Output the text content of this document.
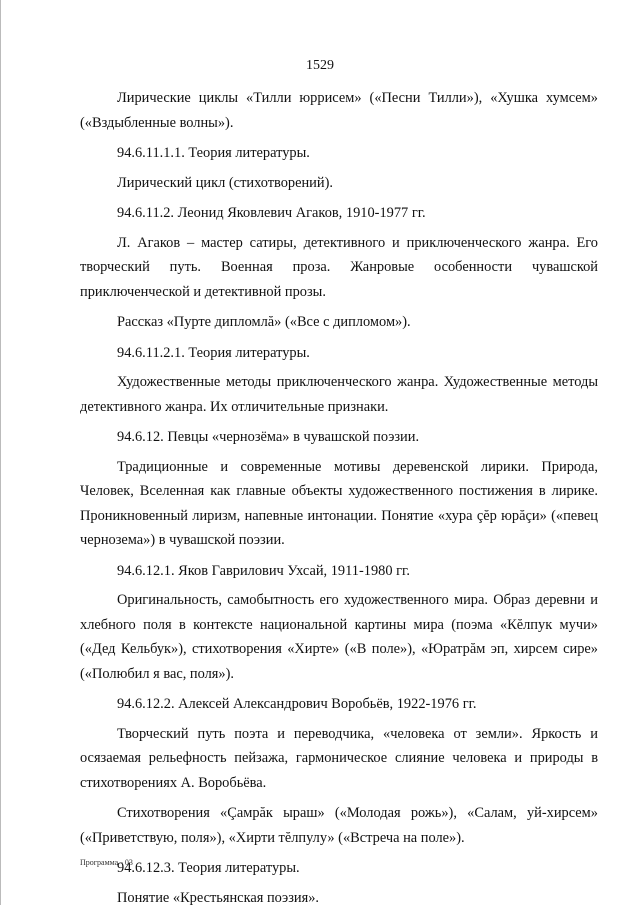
1529

Лирические циклы «Тилли юррисем» («Песни Тилли»), «Хушка хумсем» («Вздыбленные волны»).

94.6.11.1.1. Теория литературы.

Лирический цикл (стихотворений).

94.6.11.2. Леонид Яковлевич Агаков, 1910-1977 гг.

Л. Агаков – мастер сатиры, детективного и приключенческого жанра. Его творческий путь. Военная проза. Жанровые особенности чувашской приключенческой и детективной прозы.

Рассказ «Пурте дипломлă» («Все с дипломом»).

94.6.11.2.1. Теория литературы.

Художественные методы приключенческого жанра. Художественные методы детективного жанра. Их отличительные признаки.

94.6.12. Певцы «чернозёма» в чувашской поэзии.

Традиционные и современные мотивы деревенской лирики. Природа, Человек, Вселенная как главные объекты художественного постижения в лирике. Проникновенный лиризм, напевные интонации. Понятие «хура çĕр юрăçи» («певец чернозема») в чувашской поэзии.

94.6.12.1. Яков Гаврилович Ухсай, 1911-1980 гг.

Оригинальность, самобытность его художественного мира. Образ деревни и хлебного поля в контексте национальной картины мира (поэма «Кĕлпук мучи» («Дед Кельбук»), стихотворения «Хирте» («В поле»), «Юратрăм эп, хирсем сире» («Полюбил я вас, поля»).

94.6.12.2. Алексей Александрович Воробьёв, 1922-1976 гг.

Творческий путь поэта и переводчика, «человека от земли». Яркость и осязаемая рельефность пейзажа, гармоническое слияние человека и природы в стихотворениях А. Воробьёва.

Стихотворения «Çамрăк ыраш» («Молодая рожь»), «Салам, уй-хирсем» («Приветствую, поля»), «Хирти тĕлпулу» («Встреча на поле»).

94.6.12.3. Теория литературы.

Понятие «Крестьянская поэзия».

Программа - 03
